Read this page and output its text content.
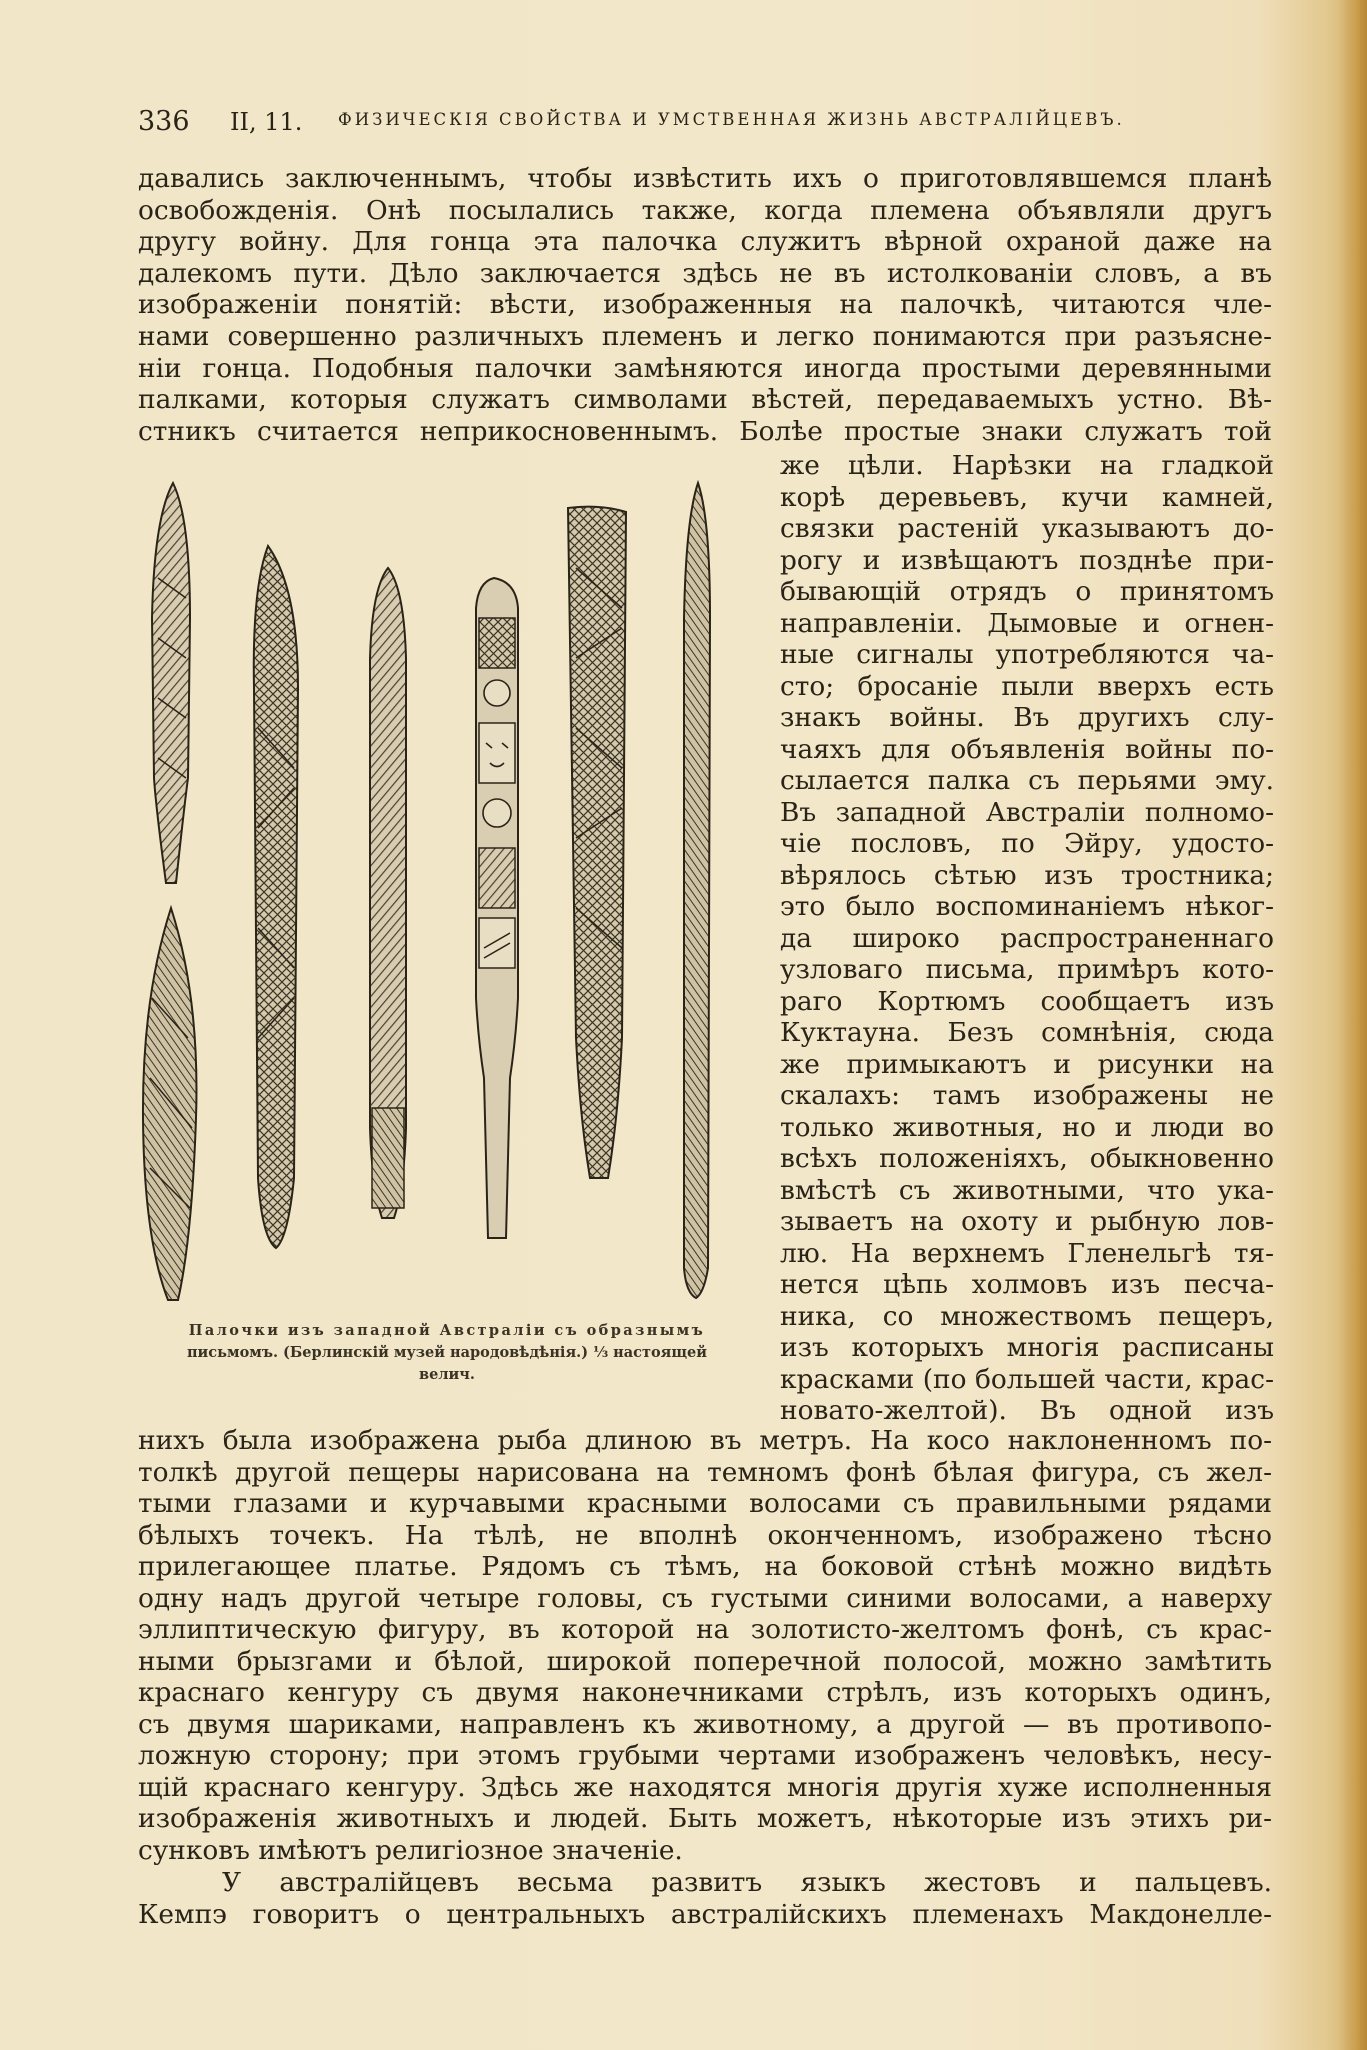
336 II, 11. ФИЗИЧЕСКІЯ СВОЙСТВА И УМСТВЕННАЯ ЖИЗНЬ АВСТРАЛІЙЦЕВЪ.
давались заключеннымъ, чтобы извѣстить ихъ о приготовлявшемся планѣ
освобожденія. Онѣ посылались также, когда племена объявляли другъ
другу войну. Для гонца эта палочка служитъ вѣрной охраной даже на
далекомъ пути. Дѣло заключается здѣсь не въ истолкованіи словъ, а въ
изображеніи понятій: вѣсти, изображенныя на палочкѣ, читаются чле-
нами совершенно различныхъ племенъ и легко понимаются при разъясне-
ніи гонца. Подобныя палочки замѣняются иногда простыми деревянными
палками, которыя служатъ символами вѣстей, передаваемыхъ устно. Вѣ-
стникъ считается неприкосновеннымъ. Болѣе простые знаки служатъ той
же цѣли. Нарѣзки на гладкой
корѣ деревьевъ, кучи камней,
связки растеній указываютъ до-
рогу и извѣщаютъ позднѣе при-
бывающій отрядъ о принятомъ
направленіи. Дымовые и огнен-
ные сигналы употребляются ча-
сто; бросаніе пыли вверхъ есть
знакъ войны. Въ другихъ слу-
чаяхъ для объявленія войны по-
сылается палка съ перьями эму.
Въ западной Австраліи полномо-
чіе пословъ, по Эйру, удосто-
вѣрялось сѣтью изъ тростника;
это было воспоминаніемъ нѣког-
да широко распространеннаго
узловаго письма, примѣръ кото-
раго Кортюмъ сообщаетъ изъ
Куктауна. Безъ сомнѣнія, сюда
же примыкаютъ и рисунки на
скалахъ: тамъ изображены не
только животныя, но и люди во
всѣхъ положеніяхъ, обыкновенно
вмѣстѣ съ животными, что ука-
зываетъ на охоту и рыбную лов-
лю. На верхнемъ Гленельгѣ тя-
нется цѣпь холмовъ изъ песча-
ника, со множествомъ пещеръ,
изъ которыхъ многія расписаны
красками (по большей части, крас-
новато-желтой). Въ одной изъ
нихъ была изображена рыба длиною въ метръ. На косо наклоненномъ по-
толкѣ другой пещеры нарисована на темномъ фонѣ бѣлая фигура, съ жел-
тыми глазами и курчавыми красными волосами съ правильными рядами
бѣлыхъ точекъ. На тѣлѣ, не вполнѣ оконченномъ, изображено тѣсно
прилегающее платье. Рядомъ съ тѣмъ, на боковой стѣнѣ можно видѣть
одну надъ другой четыре головы, съ густыми синими волосами, а наверху
эллиптическую фигуру, въ которой на золотисто-желтомъ фонѣ, съ крас-
ными брызгами и бѣлой, широкой поперечной полосой, можно замѣтить
краснаго кенгуру съ двумя наконечниками стрѣлъ, изъ которыхъ одинъ,
съ двумя шариками, направленъ къ животному, а другой — въ противопо-
ложную сторону; при этомъ грубыми чертами изображенъ человѣкъ, несу-
щій краснаго кенгуру. Здѣсь же находятся многія другія хуже исполненныя
изображенія животныхъ и людей. Быть можетъ, нѣкоторые изъ этихъ ри-
сунковъ имѣютъ религіозное значеніе.
У австралійцевъ весьма развитъ языкъ жестовъ и пальцевъ.
Кемпэ говоритъ о центральныхъ австралійскихъ племенахъ Макдонелле-
Палочки изъ западной Австраліи съ образнымъ
письмомъ. (Берлинскій музей народовѣдѣнія.) ⅓ настоящей
велич.
